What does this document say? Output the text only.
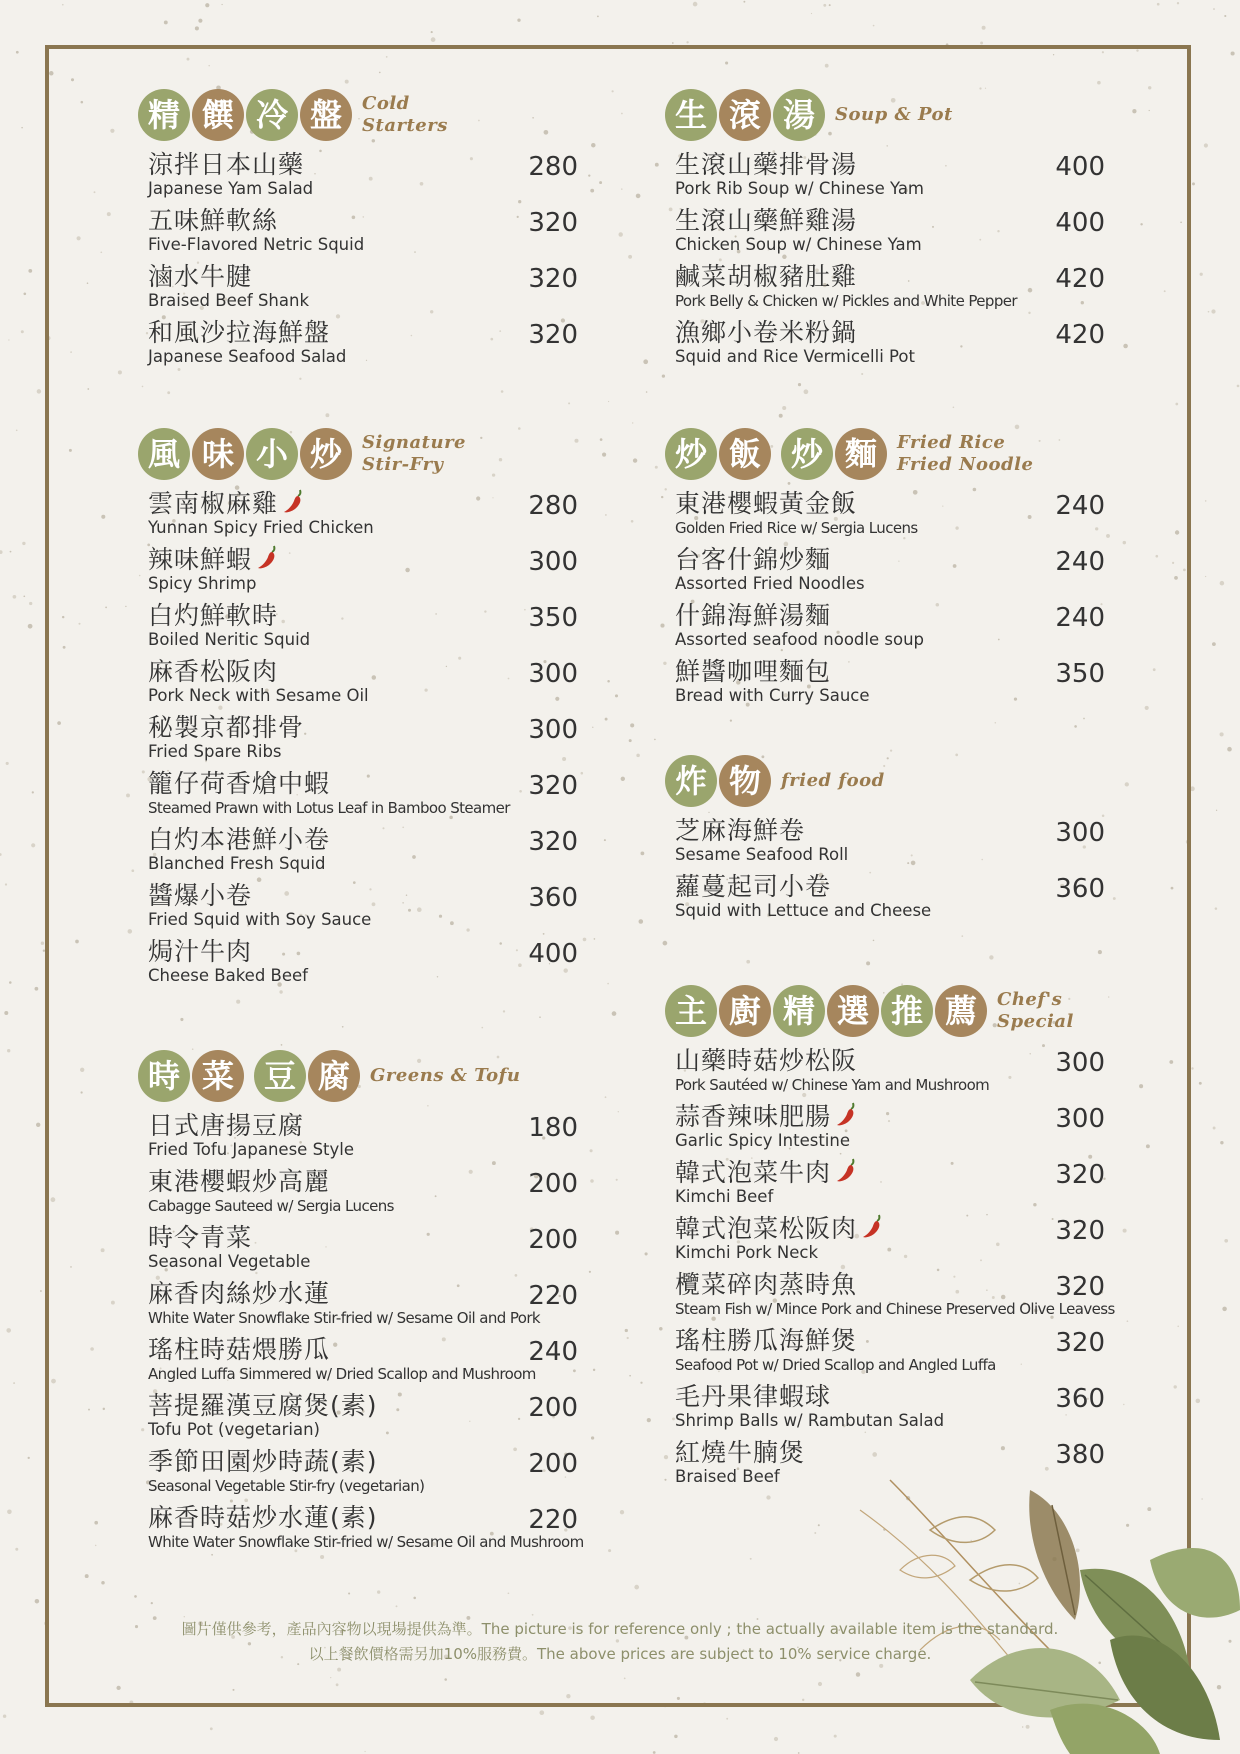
精 饌 冷 盤	Cold
Starters
涼拌日本山藥
Japanese Yam Salad
280
五味鮮軟絲
Five-Flavored Netric Squid
320
滷水牛腱
Braised Beef Shank
320
和風沙拉海鮮盤
Japanese Seafood Salad
320
風 味 小 炒	Signature
Stir-Fry
雲南椒麻雞
Yunnan Spicy Fried Chicken
280
辣味鮮蝦
Spicy Shrimp
300
白灼鮮軟時
Boiled Neritic Squid
350
麻香松阪肉
Pork Neck with Sesame Oil
300
秘製京都排骨
Fried Spare Ribs
300
籠仔荷香熗中蝦
Steamed Prawn with Lotus Leaf in Bamboo Steamer
320
白灼本港鮮小卷
Blanched Fresh Squid
320
醬爆小卷
Fried Squid with Soy Sauce
360
焗汁牛肉
Cheese Baked Beef
400
時 菜 豆 腐	Greens & Tofu
日式唐揚豆腐
Fried Tofu Japanese Style
180
東港櫻蝦炒高麗
Cabagge Sauteed w/ Sergia Lucens
200
時令青菜
Seasonal Vegetable
200
麻香肉絲炒水蓮
White Water Snowflake Stir-fried w/ Sesame Oil and Pork
220
瑤柱時菇煨勝瓜
Angled Luffa Simmered w/ Dried Scallop and Mushroom
240
菩提羅漢豆腐煲(素)
Tofu Pot (vegetarian)
200
季節田園炒時蔬(素)
Seasonal Vegetable Stir-fry (vegetarian)
200
麻香時菇炒水蓮(素)
White Water Snowflake Stir-fried w/ Sesame Oil and Mushroom
220
生 滾 湯	Soup & Pot
生滾山藥排骨湯
Pork Rib Soup w/ Chinese Yam
400
生滾山藥鮮雞湯
Chicken Soup w/ Chinese Yam
400
鹹菜胡椒豬肚雞
Pork Belly & Chicken w/ Pickles and White Pepper
420
漁鄉小卷米粉鍋
Squid and Rice Vermicelli Pot
420
炒 飯 炒 麵	Fried Rice
Fried Noodle
東港櫻蝦黃金飯
Golden Fried Rice w/ Sergia Lucens
240
台客什錦炒麵
Assorted Fried Noodles
240
什錦海鮮湯麵
Assorted seafood noodle soup
240
鮮醬咖哩麵包
Bread with Curry Sauce
350
炸 物	fried food
芝麻海鮮卷
Sesame Seafood Roll
300
蘿蔓起司小卷
Squid with Lettuce and Cheese
360
主 廚 精 選 推 薦	Chef's
Special
山藥時菇炒松阪
Pork Sautéed w/ Chinese Yam and Mushroom
300
蒜香辣味肥腸
Garlic Spicy Intestine
300
韓式泡菜牛肉
Kimchi Beef
320
韓式泡菜松阪肉
Kimchi Pork Neck
320
欖菜碎肉蒸時魚
Steam Fish w/ Mince Pork and Chinese Preserved Olive Leavess
320
瑤柱勝瓜海鮮煲
Seafood Pot w/ Dried Scallop and Angled Luffa
320
毛丹果律蝦球
Shrimp Balls w/ Rambutan Salad
360
紅燒牛腩煲
Braised Beef
380
圖片僅供參考，產品內容物以現場提供為準。The picture is for reference only ; the actually available item is the standard.
以上餐飲價格需另加10%服務費。The above prices are subject to 10% service charge.
